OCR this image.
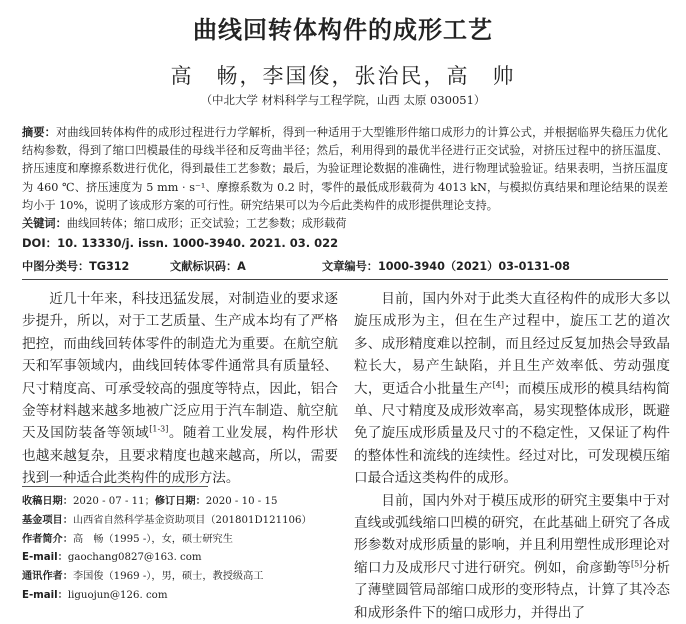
曲线回转体构件的成形工艺
高　畅，李国俊，张治民，高　帅
（中北大学 材料科学与工程学院，山西 太原 030051）
摘要：对曲线回转体构件的成形过程进行力学解析，得到一种适用于大型锥形件缩口成形力的计算公式，并根据临界失稳压力优化结构参数，得到了缩口凹模最佳的母线半径和反弯曲半径；然后，利用得到的最优半径进行正交试验，对挤压过程中的挤压温度、挤压速度和摩擦系数进行优化，得到最佳工艺参数；最后，为验证理论数据的准确性，进行物理试验验证。结果表明，当挤压温度为 460 ℃、挤压速度为 5 mm · s⁻¹、摩擦系数为 0.2 时，零件的最低成形载荷为 4013 kN，与模拟仿真结果和理论结果的误差均小于 10%，说明了该成形方案的可行性。研究结果可以为今后此类构件的成形提供理论支持。
关键词：曲线回转体；缩口成形；正交试验；工艺参数；成形载荷
DOI：10. 13330/j. issn. 1000-3940. 2021. 03. 022
中图分类号：TG312	文献标识码：A	文章编号：1000-3940（2021）03-0131-08

近几十年来，科技迅猛发展，对制造业的要求逐步提升，所以，对于工艺质量、生产成本均有了严格把控，而曲线回转体零件的制造尤为重要。在航空航天和军事领域内，曲线回转体零件通常具有质量轻、尺寸精度高、可承受较高的强度等特点，因此，铝合金等材料越来越多地被广泛应用于汽车制造、航空航天及国防装备等领域[1-3]。随着工业发展，构件形状也越来越复杂，且要求精度也越来越高，所以，需要找到一种适合此类构件的成形方法。

收稿日期：2020 - 07 - 11；修订日期：2020 - 10 - 15
基金项目：山西省自然科学基金资助项目（201801D121106）
作者简介：高　畅（1995 -），女，硕士研究生
E-mail：gaochang0827@163. com
通讯作者：李国俊（1969 -），男，硕士，教授级高工
E-mail：liguojun@126. com

目前，国内外对于此类大直径构件的成形大多以旋压成形为主，但在生产过程中，旋压工艺的道次多、成形精度难以控制，而且经过反复加热会导致晶粒长大，易产生缺陷，并且生产效率低、劳动强度大，更适合小批量生产[4]；而模压成形的模具结构简单、尺寸精度及成形效率高，易实现整体成形，既避免了旋压成形质量及尺寸的不稳定性，又保证了构件的整体性和流线的连续性。经过对比，可发现模压缩口最合适这类构件的成形。

目前，国内外对于模压成形的研究主要集中于对直线或弧线缩口凹模的研究，在此基础上研究了各成形参数对成形质量的影响，并且利用塑性成形理论对缩口力及成形尺寸进行研究。例如，俞彦勤等[5]分析了薄壁圆管局部缩口成形的变形特点，计算了其冷态和成形条件下的缩口成形力，并得出了
